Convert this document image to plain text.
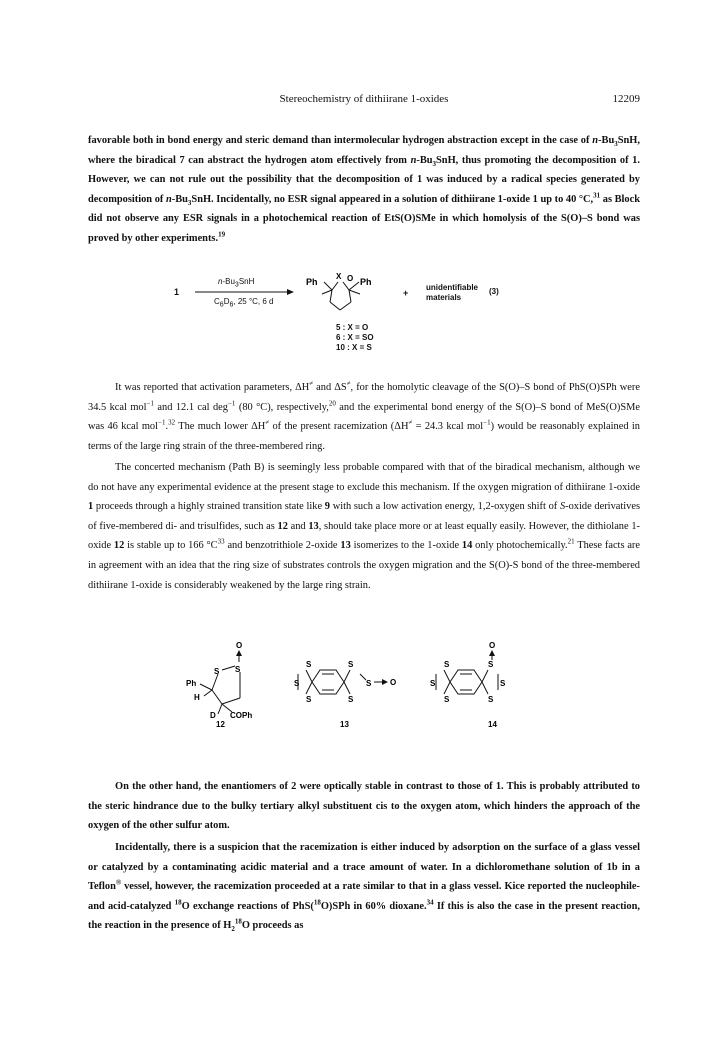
Stereochemistry of dithiirane 1-oxides	12209

favorable both in bond energy and steric demand than intermolecular hydrogen abstraction except in the case of $n-Bu_3SnH$, where the biradical 7 can abstract the hydrogen atom effectively from $n-Bu_3SnH$, thus promoting the decomposition of 1. However, we can not rule out the possibility that the decomposition of 1 was induced by a radical species generated by decomposition of $n-Bu_3SnH$. Incidentally, no ESR signal appeared in a solution of dithiirane 1-oxide 1 up to 40 °C,$^{31}$ as Block did not observe any ESR signals in a photochemical reaction of EtS(O)SMe in which homolysis of the S(O)–S bond was proved by other experiments.$^{19}$

1
$n-Bu_3SnH$
$C_6D_6$, 25 °C, 6 d
Ph	Ph
X O
+
unidentifiable
materials
(3)
5 : X = O
6 : X = SO
10 : X = S

It was reported that activation parameters, ΔH≠ and ΔS≠, for the homolytic cleavage of the S(O)–S bond of PhS(O)SPh were 34.5 kcal mol$^{-1}$ and 12.1 cal deg$^{-1}$ (80 °C), respectively,$^{20}$ and the experimental bond energy of the S(O)–S bond of MeS(O)SMe was 46 kcal mol$^{-1}$.$^{32}$ The much lower ΔH≠ of the present racemization (ΔH≠ = 24.3 kcal mol$^{-1}$) would be reasonably explained in terms of the large ring strain of the three-membered ring.

The concerted mechanism (Path B) is seemingly less probable compared with that of the biradical mechanism, although we do not have any experimental evidence at the present stage to exclude this mechanism. If the oxygen migration of dithiirane 1-oxide 1 proceeds through a highly strained transition state like 9 with such a low activation energy, 1,2-oxygen shift of S-oxide derivatives of five-membered di- and trisulfides, such as 12 and 13, should take place more or at least equally easily. However, the dithiolane 1-oxide 12 is stable up to 166 $^\circ C^{33}$ and benzotrithiole 2-oxide 13 isomerizes to the 1-oxide 14 only photochemically.$^{21}$ These facts are in agreement with an idea that the ring size of substrates controls the oxygen migration and the S(O)-S bond of the three-membered dithiirane 1-oxide is considerably weakened by the large ring strain.

O
S S
Ph
H
D COPh
12
S
S
S
S
S
S
O
13
O
S
S
S
S
S
S
14

On the other hand, the enantiomers of 2 were optically stable in contrast to those of 1. This is probably attributed to the steric hindrance due to the bulky tertiary alkyl substituent cis to the oxygen atom, which hinders the approach of the oxygen of the other sulfur atom.

Incidentally, there is a suspicion that the racemization is either induced by adsorption on the surface of a glass vessel or catalyzed by a contaminating acidic material and a trace amount of water. In a dichloromethane solution of 1b in a Teflon® vessel, however, the racemization proceeded at a rate similar to that in a glass vessel. Kice reported the nucleophile- and acid-catalyzed $^{18}$O exchange reactions of PhS($^{18}$O)SPh in 60% dioxane.$^{34}$ If this is also the case in the present reaction, the reaction in the presence of $H_2^{18}O$ proceeds as
